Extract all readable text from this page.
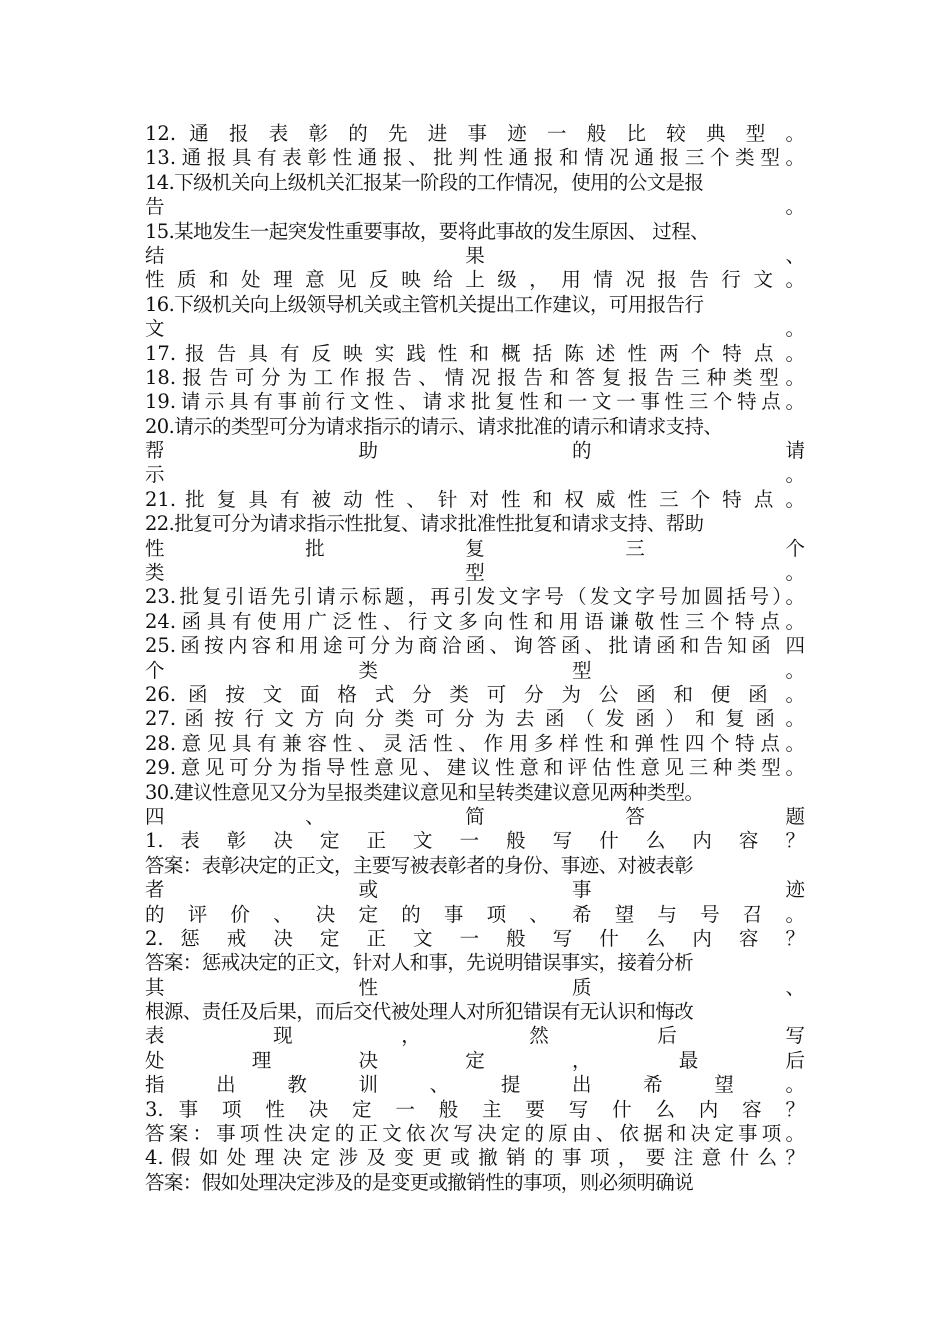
12. 通 报 表 彰 的 先 进 事 迹 一 般 比 较 典 型 。
13.通报具有表彰性通报、批判性通报和情况通报三个类型。
14.下级机关向上级机关汇报某一阶段的工作情况，使用的公文是报
告 。
15.某地发生一起突发性重要事故，要将此事故的发生原因、 过程、
结 果 、
性 质 和 处 理 意 见 反 映 给 上 级 ， 用 情 况 报 告 行 文 。
16.下级机关向上级领导机关或主管机关提出工作建议，可用报告行
文 。
17. 报 告 具 有 反 映 实 践 性 和 概 括 陈 述 性 两 个 特 点 。
18. 报 告 可 分 为 工 作 报 告 、 情 况 报 告 和 答 复 报 告 三 种 类 型 。
19.请示具有事前行文性、请求批复性和一文一事性三个特点。
20.请示的类型可分为请求指示的请示、请求批准的请示和请求支持、
帮 助 的 请
示 。
21. 批 复 具 有 被 动 性 、 针 对 性 和 权 威 性 三 个 特 点 。
22.批复可分为请求指示性批复、请求批准性批复和请求支持、帮助
性 批 复 三 个
类 型 。
23.批复引语先引请示标题，再引发文字号（发文字号加圆括号）。
24.函具有使用广泛性、行文多向性和用语谦敬性三个特点。
25.函按内容和用途可分为商洽函、询答函、批请函和告知函 四
个 类 型 。
26. 函 按 文 面 格 式 分 类 可 分 为 公 函 和 便 函 。
27. 函 按 行 文 方 向 分 类 可 分 为 去 函 （ 发 函 ） 和 复 函 。
28.意见具有兼容性、灵活性、作用多样性和弹性四个特点。
29.意见可分为指导性意见、建议性意和评估性意见三种类型。
30.建议性意见又分为呈报类建议意见和呈转类建议意见两种类型。
四 、 简 答 题
1. 表 彰 决 定 正 文 一 般 写 什 么 内 容 ？
答案：表彰决定的正文，主要写被表彰者的身份、事迹、对被表彰
者 或 事 迹
的 评 价 、 决 定 的 事 项 、 希 望 与 号 召 。
2. 惩 戒 决 定 正 文 一 般 写 什 么 内 容 ？
答案：惩戒决定的正文，针对人和事，先说明错误事实，接着分析
其 性 质 、
根源、责任及后果，而后交代被处理人对所犯错误有无认识和悔改
表 现 ， 然 后 写
处 理 决 定 ， 最 后
指 出 教 训 、 提 出 希 望 。
3. 事 项 性 决 定 一 般 主 要 写 什 么 内 容 ？
答案：事项性决定的正文依次写决定的原由、依据和决定事项。
4. 假 如 处 理 决 定 涉 及 变 更 或 撤 销 的 事 项 ， 要 注 意 什 么 ？
答案：假如处理决定涉及的是变更或撤销性的事项，则必须明确说
